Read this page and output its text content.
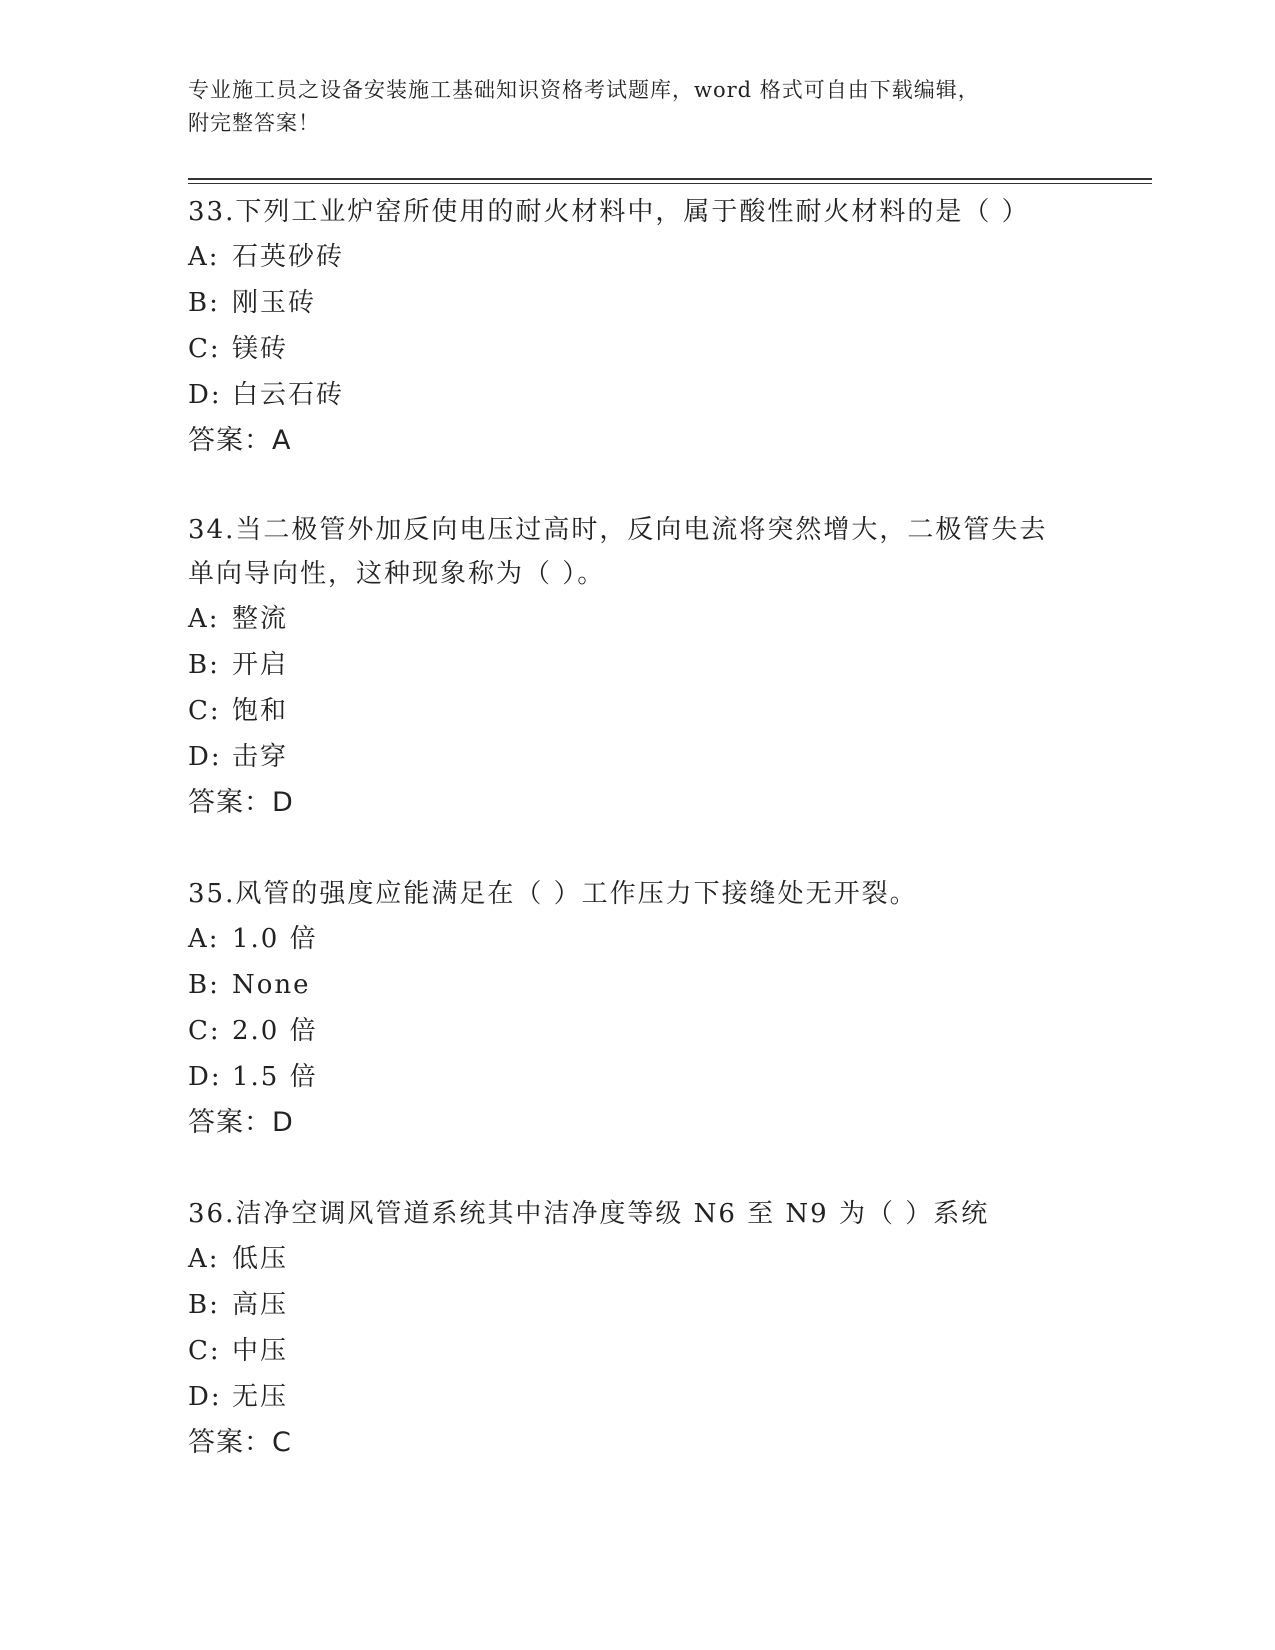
专业施工员之设备安装施工基础知识资格考试题库，word 格式可自由下载编辑，
附完整答案！

33.下列工业炉窑所使用的耐火材料中，属于酸性耐火材料的是（ ）

A: 石英砂砖

B: 刚玉砖

C: 镁砖

D: 白云石砖

答案：A

34.当二极管外加反向电压过高时，反向电流将突然增大，二极管失去

单向导向性，这种现象称为（ ）。

A: 整流

B: 开启

C: 饱和

D: 击穿

答案：D

35.风管的强度应能满足在（ ）工作压力下接缝处无开裂。

A: 1.0 倍

B: None

C: 2.0 倍

D: 1.5 倍

答案：D

36.洁净空调风管道系统其中洁净度等级 N6 至 N9 为（ ）系统

A: 低压

B: 高压

C: 中压

D: 无压

答案：C
